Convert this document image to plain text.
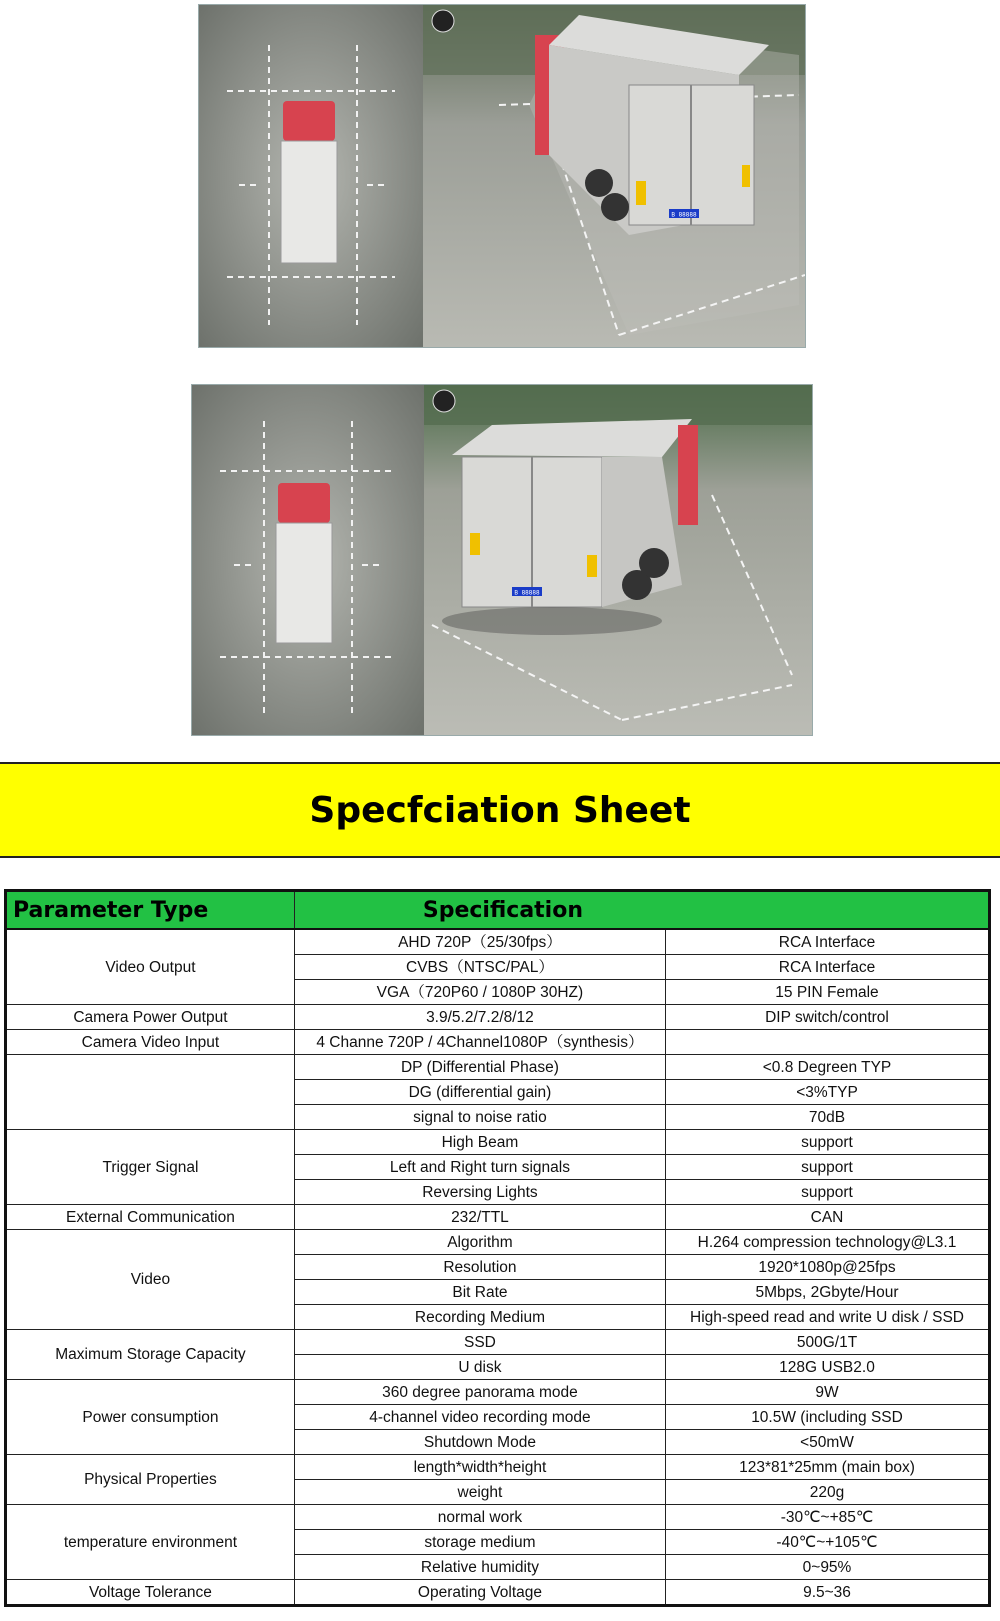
B 88888
B 88888
Specfciation Sheet
Parameter Type	Specification	
Video Output	AHD 720P（25/30fps）	RCA Interface
	CVBS（NTSC/PAL）	RCA Interface
	VGA（720P60 / 1080P 30HZ)	15 PIN Female
Camera Power Output	3.9/5.2/7.2/8/12	DIP switch/control
Camera Video Input	4 Channe 720P / 4Channel1080P（synthesis）	
	DP (Differential Phase)	<0.8 Degreen TYP
	DG (differential gain)	<3%TYP
	signal to noise ratio	70dB
Trigger Signal	High Beam	support
	Left and Right turn signals	support
	Reversing Lights	support
External Communication	232/TTL	CAN
Video	Algorithm	H.264 compression technology@L3.1
	Resolution	1920*1080p@25fps
	Bit Rate	5Mbps, 2Gbyte/Hour
	Recording Medium	High-speed read and write U disk / SSD
Maximum Storage Capacity	SSD	500G/1T
	U disk	128G USB2.0
Power consumption	360 degree panorama mode	9W
	4-channel video recording mode	10.5W (including SSD
	Shutdown Mode	<50mW
Physical Properties	length*width*height	123*81*25mm (main box)
	weight	220g
temperature environment	normal work	-30℃~+85℃
	storage medium	-40℃~+105℃
	Relative humidity	0~95%
Voltage Tolerance	Operating Voltage	9.5~36
